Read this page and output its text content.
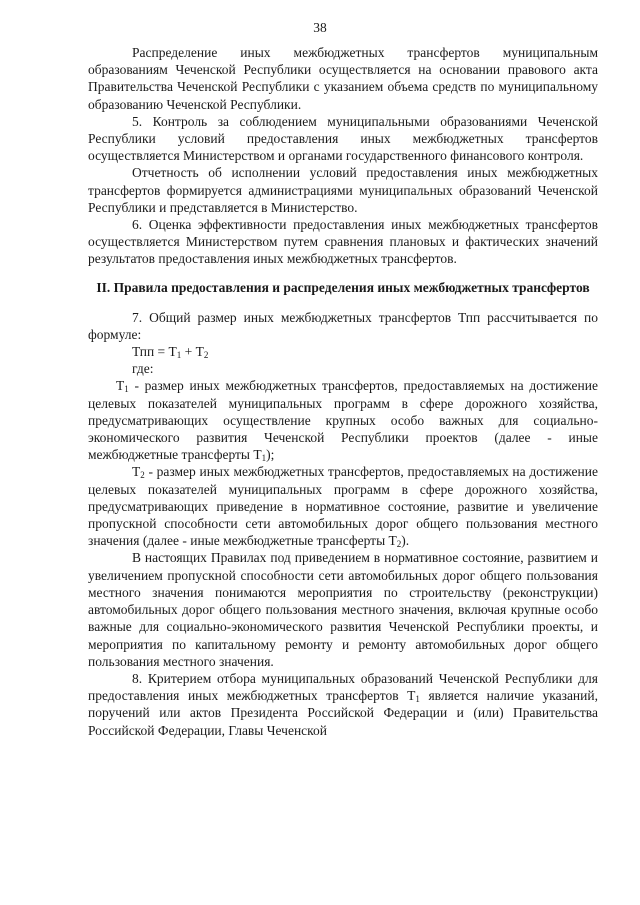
38

Распределение иных межбюджетных трансфертов муниципальным образованиям Чеченской Республики осуществляется на основании правового акта Правительства Чеченской Республики с указанием объема средств по муниципальному образованию Чеченской Республики.

5. Контроль за соблюдением муниципальными образованиями Чеченской Республики условий предоставления иных межбюджетных трансфертов осуществляется Министерством и органами государственного финансового контроля.

Отчетность об исполнении условий предоставления иных межбюджетных трансфертов формируется администрациями муниципальных образований Чеченской Республики и представляется в Министерство.

6. Оценка эффективности предоставления иных межбюджетных трансфертов осуществляется Министерством путем сравнения плановых и фактических значений результатов предоставления иных межбюджетных трансфертов.

II. Правила предоставления и распределения иных межбюджетных трансфертов

7. Общий размер иных межбюджетных трансфертов Тпп рассчитывается по формуле:

Тпп = $Т_1 + Т_2$

где:

$Т_1$ - размер иных межбюджетных трансфертов, предоставляемых на достижение целевых показателей муниципальных программ в сфере дорожного хозяйства, предусматривающих осуществление крупных особо важных для социально-экономического развития Чеченской Республики проектов (далее - иные межбюджетные трансферты $Т_1$);

$Т_2$ - размер иных межбюджетных трансфертов, предоставляемых на достижение целевых показателей муниципальных программ в сфере дорожного хозяйства, предусматривающих приведение в нормативное состояние, развитие и увеличение пропускной способности сети автомобильных дорог общего пользования местного значения (далее - иные межбюджетные трансферты $Т_2$).

В настоящих Правилах под приведением в нормативное состояние, развитием и увеличением пропускной способности сети автомобильных дорог общего пользования местного значения понимаются мероприятия по строительству (реконструкции) автомобильных дорог общего пользования местного значения, включая крупные особо важные для социально-экономического развития Чеченской Республики проекты, и мероприятия по капитальному ремонту и ремонту автомобильных дорог общего пользования местного значения.

8. Критерием отбора муниципальных образований Чеченской Республики для предоставления иных межбюджетных трансфертов $Т_1$ является наличие указаний, поручений или актов Президента Российской Федерации и (или) Правительства Российской Федерации, Главы Чеченской
